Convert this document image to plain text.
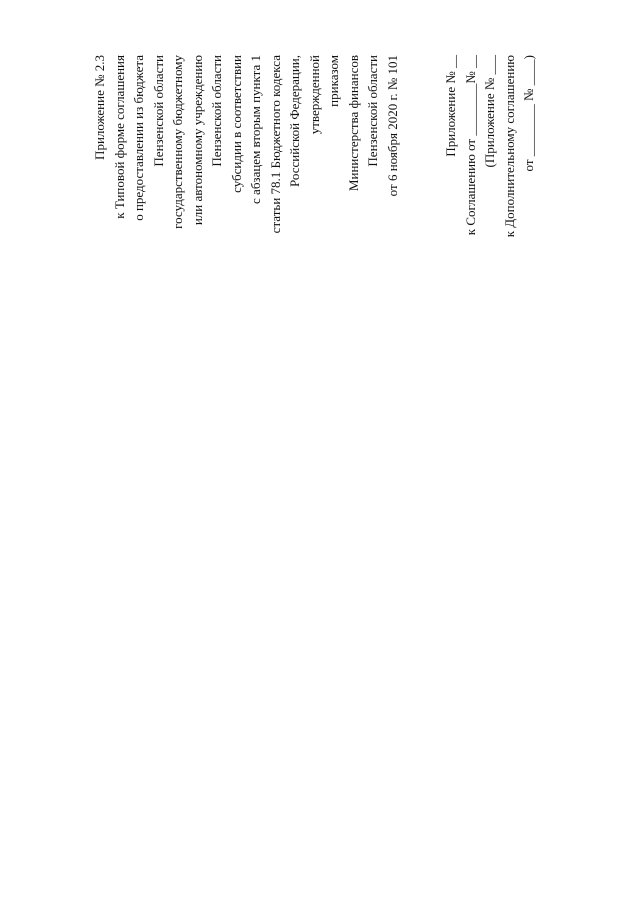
Приложение № 2.3 к Типовой форме соглашения о предоставлении из бюджета Пензенской области государственному бюджетному или автономному учреждению Пензенской области субсидии в соответствии с абзацем вторым пункта 1 статьи 78.1 Бюджетного кодекса Российской Федерации, утвержденной приказом Министерства финансов Пензенской области от 6 ноября 2020 г. № 101	Приложение № __ к Соглашению от ________№ __ (Приложение № ___ к Дополнительному соглашению от ________ № ____)
